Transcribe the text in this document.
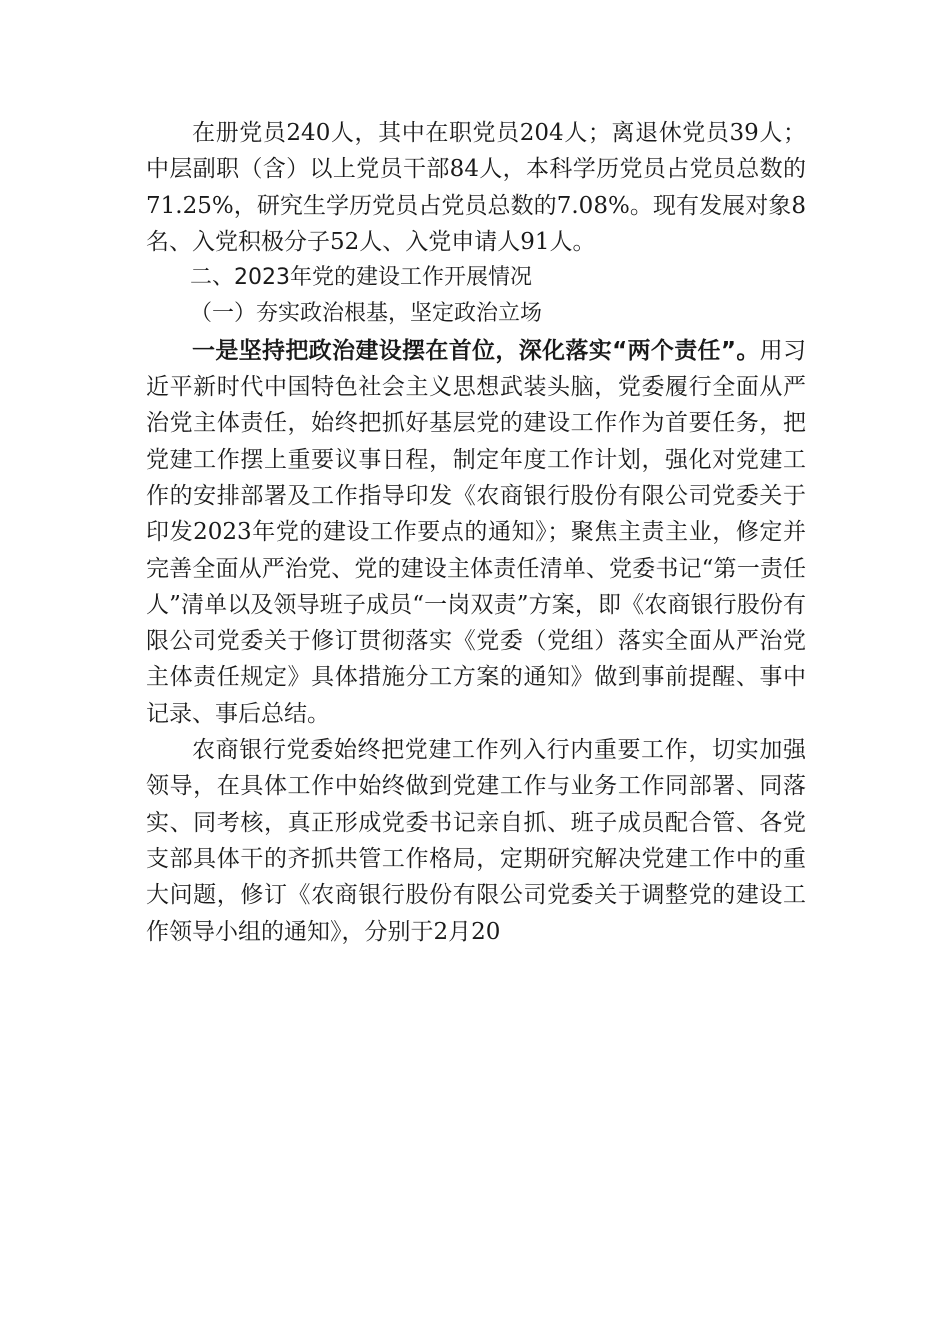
在册党员240人，其中在职党员204人；离退休党员39人；中层副职（含）以上党员干部84人，本科学历党员占党员总数的71.25%，研究生学历党员占党员总数的7.08%。现有发展对象8名、入党积极分子52人、入党申请人91人。

二、2023年党的建设工作开展情况

（一）夯实政治根基，坚定政治立场

一是坚持把政治建设摆在首位，深化落实“两个责任”。用习近平新时代中国特色社会主义思想武装头脑，党委履行全面从严治党主体责任，始终把抓好基层党的建设工作作为首要任务，把党建工作摆上重要议事日程，制定年度工作计划，强化对党建工作的安排部署及工作指导印发《农商银行股份有限公司党委关于印发2023年党的建设工作要点的通知》；聚焦主责主业，修定并完善全面从严治党、党的建设主体责任清单、党委书记“第一责任人”清单以及领导班子成员“一岗双责”方案，即《农商银行股份有限公司党委关于修订贯彻落实《党委（党组）落实全面从严治党主体责任规定》具体措施分工方案的通知》做到事前提醒、事中记录、事后总结。

农商银行党委始终把党建工作列入行内重要工作，切实加强领导，在具体工作中始终做到党建工作与业务工作同部署、同落实、同考核，真正形成党委书记亲自抓、班子成员配合管、各党支部具体干的齐抓共管工作格局，定期研究解决党建工作中的重大问题，修订《农商银行股份有限公司党委关于调整党的建设工作领导小组的通知》，分别于2月20
